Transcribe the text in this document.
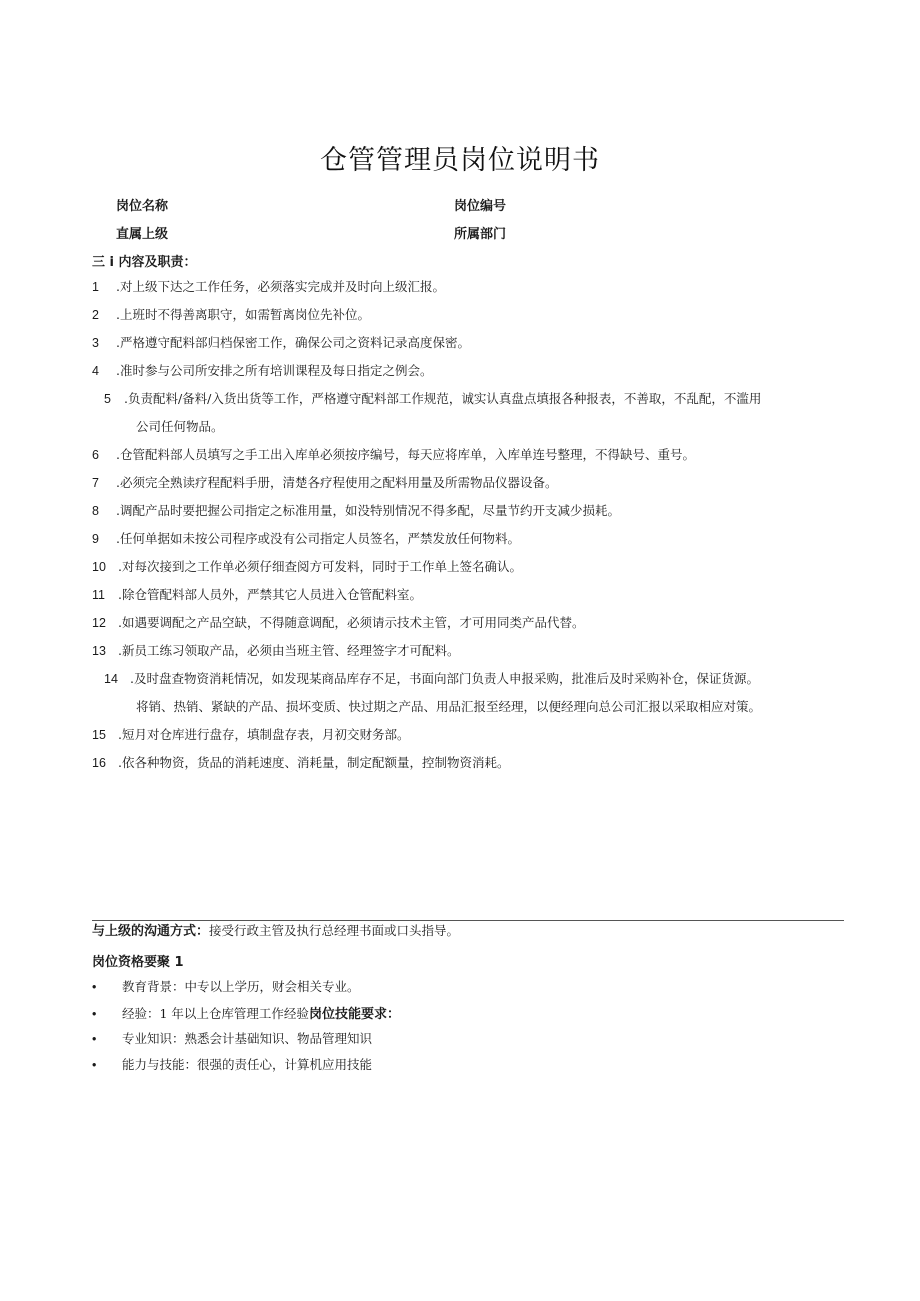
仓管管理员岗位说明书
岗位名称	岗位编号
直属上级	所属部门
三 i 内容及职责：
1 .对上级下达之工作任务，必须落实完成并及时向上级汇报。
2 .上班时不得善离职守，如需暂离岗位先补位。
3 .严格遵守配料部归档保密工作，确保公司之资料记录高度保密。
4 .准时参与公司所安排之所有培训课程及每日指定之例会。
5 .负责配料/备料/入货出货等工作，严格遵守配料部工作规范，诚实认真盘点填报各种报表，不善取，不乱配，不滥用
公司任何物品。
6 .仓管配料部人员填写之手工出入库单必须按序编号，每天应将库单，入库单连号整理，不得缺号、重号。
7 .必须完全熟读疗程配料手册，清楚各疗程使用之配料用量及所需物品仪器设备。
8 .调配产品时要把握公司指定之标准用量，如没特别情况不得多配，尽量节约开支减少损耗。
9 .任何单据如未按公司程序或没有公司指定人员签名，严禁发放任何物料。
10 .对每次接到之工作单必须仔细查阅方可发料，同时于工作单上签名确认。
11 .除仓管配料部人员外，严禁其它人员进入仓管配料室。
12 .如遇要调配之产品空缺，不得随意调配，必须请示技术主管，才可用同类产品代替。
13 .新员工练习领取产品，必须由当班主管、经理签字才可配料。
14 .及时盘查物资消耗情况，如发现某商品库存不足，书面向部门负责人申报采购，批准后及时采购补仓，保证货源。
将销、热销、紧缺的产品、损坏变质、快过期之产品、用品汇报至经理，以便经理向总公司汇报以采取相应对策。
15 .短月对仓库进行盘存，填制盘存表，月初交财务部。
16 .依各种物资，货品的消耗速度、消耗量，制定配额量，控制物资消耗。
与上级的沟通方式：接受行政主管及执行总经理书面或口头指导。
岗位资格要聚 1
• 教育背景：中专以上学历，财会相关专业。
• 经验：1 年以上仓库管理工作经验岗位技能要求：
• 专业知识：熟悉会计基础知识、物品管理知识
• 能力与技能：很强的责任心，计算机应用技能
